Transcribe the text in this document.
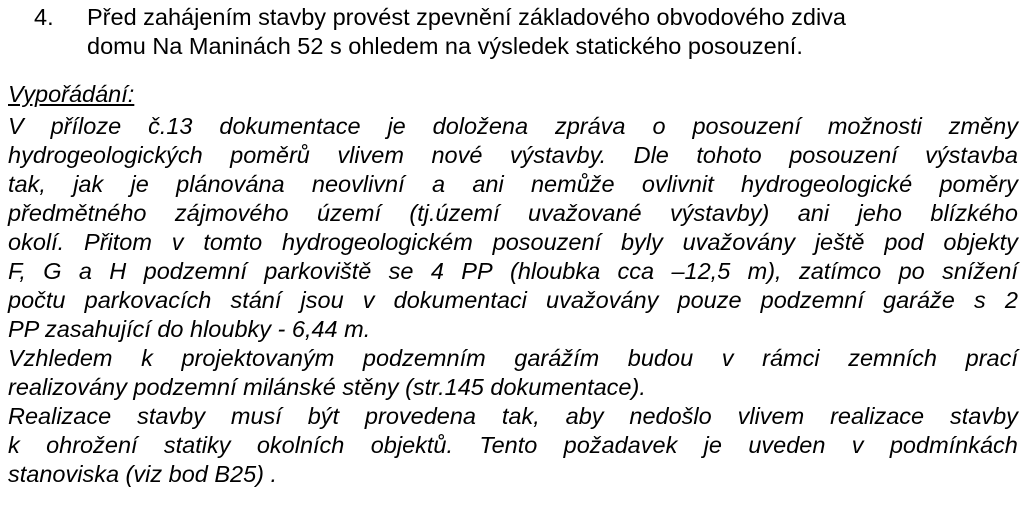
4. Před zahájením stavby provést zpevnění základového obvodového zdiva
domu Na Maninách 52 s ohledem na výsledek statického posouzení.
Vypořádání:
V příloze č.13 dokumentace je doložena zpráva o posouzení možnosti změny
hydrogeologických poměrů vlivem nové výstavby. Dle tohoto posouzení výstavba
tak, jak je plánována neovlivní a ani nemůže ovlivnit hydrogeologické poměry
předmětného zájmového území (tj.území uvažované výstavby) ani jeho blízkého
okolí. Přitom v tomto hydrogeologickém posouzení byly uvažovány ještě pod objekty
F, G a H podzemní parkoviště se 4 PP (hloubka cca –12,5 m), zatímco po snížení
počtu parkovacích stání jsou v dokumentaci uvažovány pouze podzemní garáže s 2
PP zasahující do hloubky - 6,44 m.
Vzhledem k projektovaným podzemním garážím budou v rámci zemních prací
realizovány podzemní milánské stěny (str.145 dokumentace).
Realizace stavby musí být provedena tak, aby nedošlo vlivem realizace stavby
k ohrožení statiky okolních objektů. Tento požadavek je uveden v podmínkách
stanoviska (viz bod B25) .
